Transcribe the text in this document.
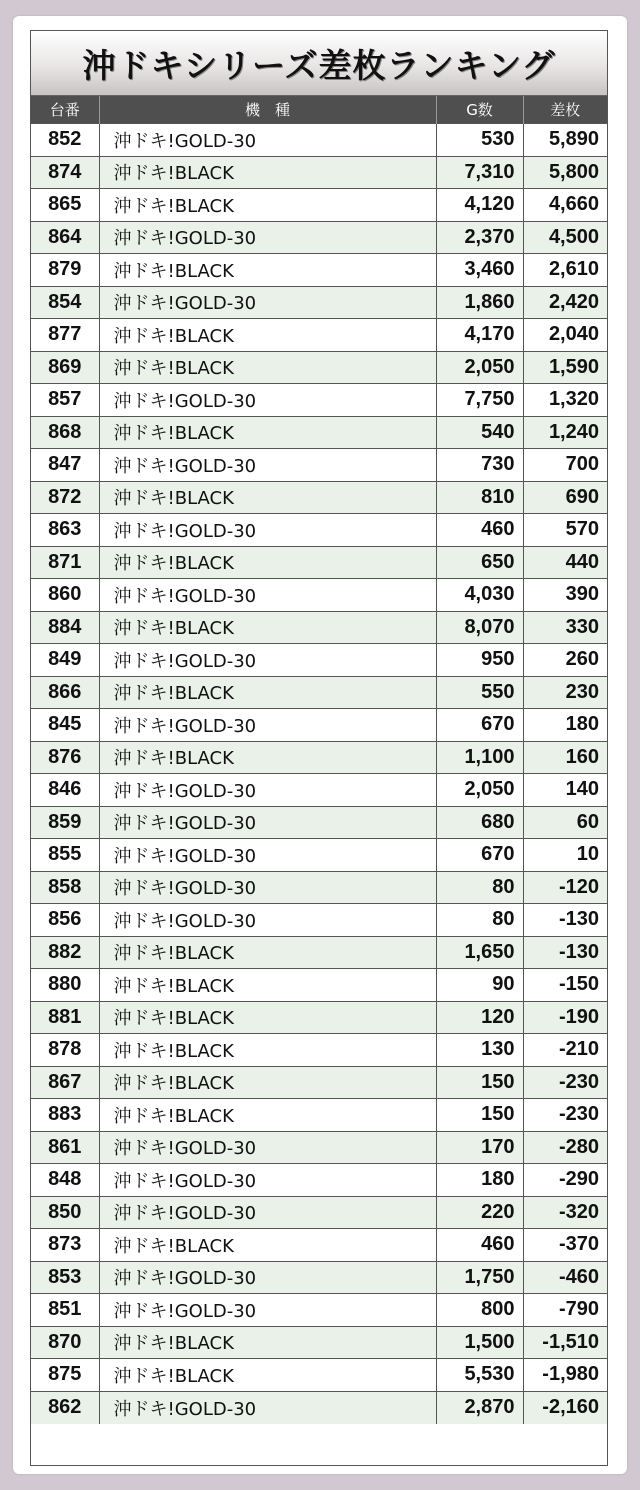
沖ドキシリーズ差枚ランキング
台番	機　種	G数	差枚
852	沖ドキ!GOLD-30	530	5,890
874	沖ドキ!BLACK	7,310	5,800
865	沖ドキ!BLACK	4,120	4,660
864	沖ドキ!GOLD-30	2,370	4,500
879	沖ドキ!BLACK	3,460	2,610
854	沖ドキ!GOLD-30	1,860	2,420
877	沖ドキ!BLACK	4,170	2,040
869	沖ドキ!BLACK	2,050	1,590
857	沖ドキ!GOLD-30	7,750	1,320
868	沖ドキ!BLACK	540	1,240
847	沖ドキ!GOLD-30	730	700
872	沖ドキ!BLACK	810	690
863	沖ドキ!GOLD-30	460	570
871	沖ドキ!BLACK	650	440
860	沖ドキ!GOLD-30	4,030	390
884	沖ドキ!BLACK	8,070	330
849	沖ドキ!GOLD-30	950	260
866	沖ドキ!BLACK	550	230
845	沖ドキ!GOLD-30	670	180
876	沖ドキ!BLACK	1,100	160
846	沖ドキ!GOLD-30	2,050	140
859	沖ドキ!GOLD-30	680	60
855	沖ドキ!GOLD-30	670	10
858	沖ドキ!GOLD-30	80	-120
856	沖ドキ!GOLD-30	80	-130
882	沖ドキ!BLACK	1,650	-130
880	沖ドキ!BLACK	90	-150
881	沖ドキ!BLACK	120	-190
878	沖ドキ!BLACK	130	-210
867	沖ドキ!BLACK	150	-230
883	沖ドキ!BLACK	150	-230
861	沖ドキ!GOLD-30	170	-280
848	沖ドキ!GOLD-30	180	-290
850	沖ドキ!GOLD-30	220	-320
873	沖ドキ!BLACK	460	-370
853	沖ドキ!GOLD-30	1,750	-460
851	沖ドキ!GOLD-30	800	-790
870	沖ドキ!BLACK	1,500	-1,510
875	沖ドキ!BLACK	5,530	-1,980
862	沖ドキ!GOLD-30	2,870	-2,160
